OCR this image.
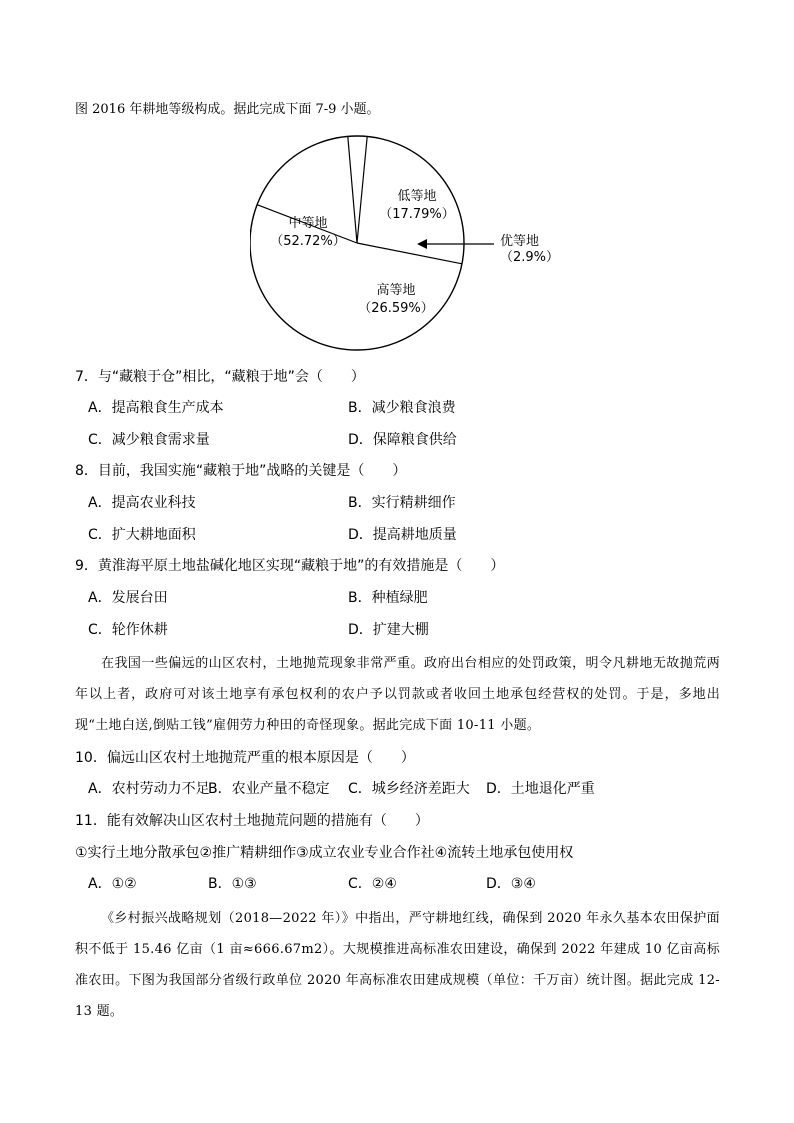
图 2016 年耕地等级构成。据此完成下面 7-9 小题。
低等地
（17.79%）
中等地
（52.72%）
高等地
（26.59%）
优等地
（2.9%）
7．与“藏粮于仓”相比，“藏粮于地”会（　　）
A．提高粮食生产成本	B．减少粮食浪费
C．减少粮食需求量	D．保障粮食供给
8．目前，我国实施“藏粮于地”战略的关键是（　　）
A．提高农业科技	B．实行精耕细作
C．扩大耕地面积	D．提高耕地质量
9．黄淮海平原土地盐碱化地区实现“藏粮于地”的有效措施是（　　）
A．发展台田	B．种植绿肥
C．轮作休耕	D．扩建大棚
在我国一些偏远的山区农村，土地抛荒现象非常严重。政府出台相应的处罚政策，明令凡耕地无故抛荒两年以上者，政府可对该土地享有承包权利的农户予以罚款或者收回土地承包经营权的处罚。于是，多地出现“土地白送,倒贴工钱”雇佣劳力种田的奇怪现象。据此完成下面 10-11 小题。
10．偏远山区农村土地抛荒严重的根本原因是（　　）
A．农村劳动力不足
B．农业产量不稳定 C．城乡经济差距大 D．土地退化严重
11．能有效解决山区农村土地抛荒问题的措施有（　　）
①实行土地分散承包②推广精耕细作③成立农业专业合作社④流转土地承包使用权
A．①②	B．①③	C．②④	D．③④
《乡村振兴战略规划（2018—2022 年）》中指出，严守耕地红线，确保到 2020 年永久基本农田保护面积不低于 15.46 亿亩（1 亩≈666.67m2）。大规模推进高标准农田建设，确保到 2022 年建成 10 亿亩高标准农田。下图为我国部分省级行政单位 2020 年高标准农田建成规模（单位：千万亩）统计图。据此完成 12-13 题。
